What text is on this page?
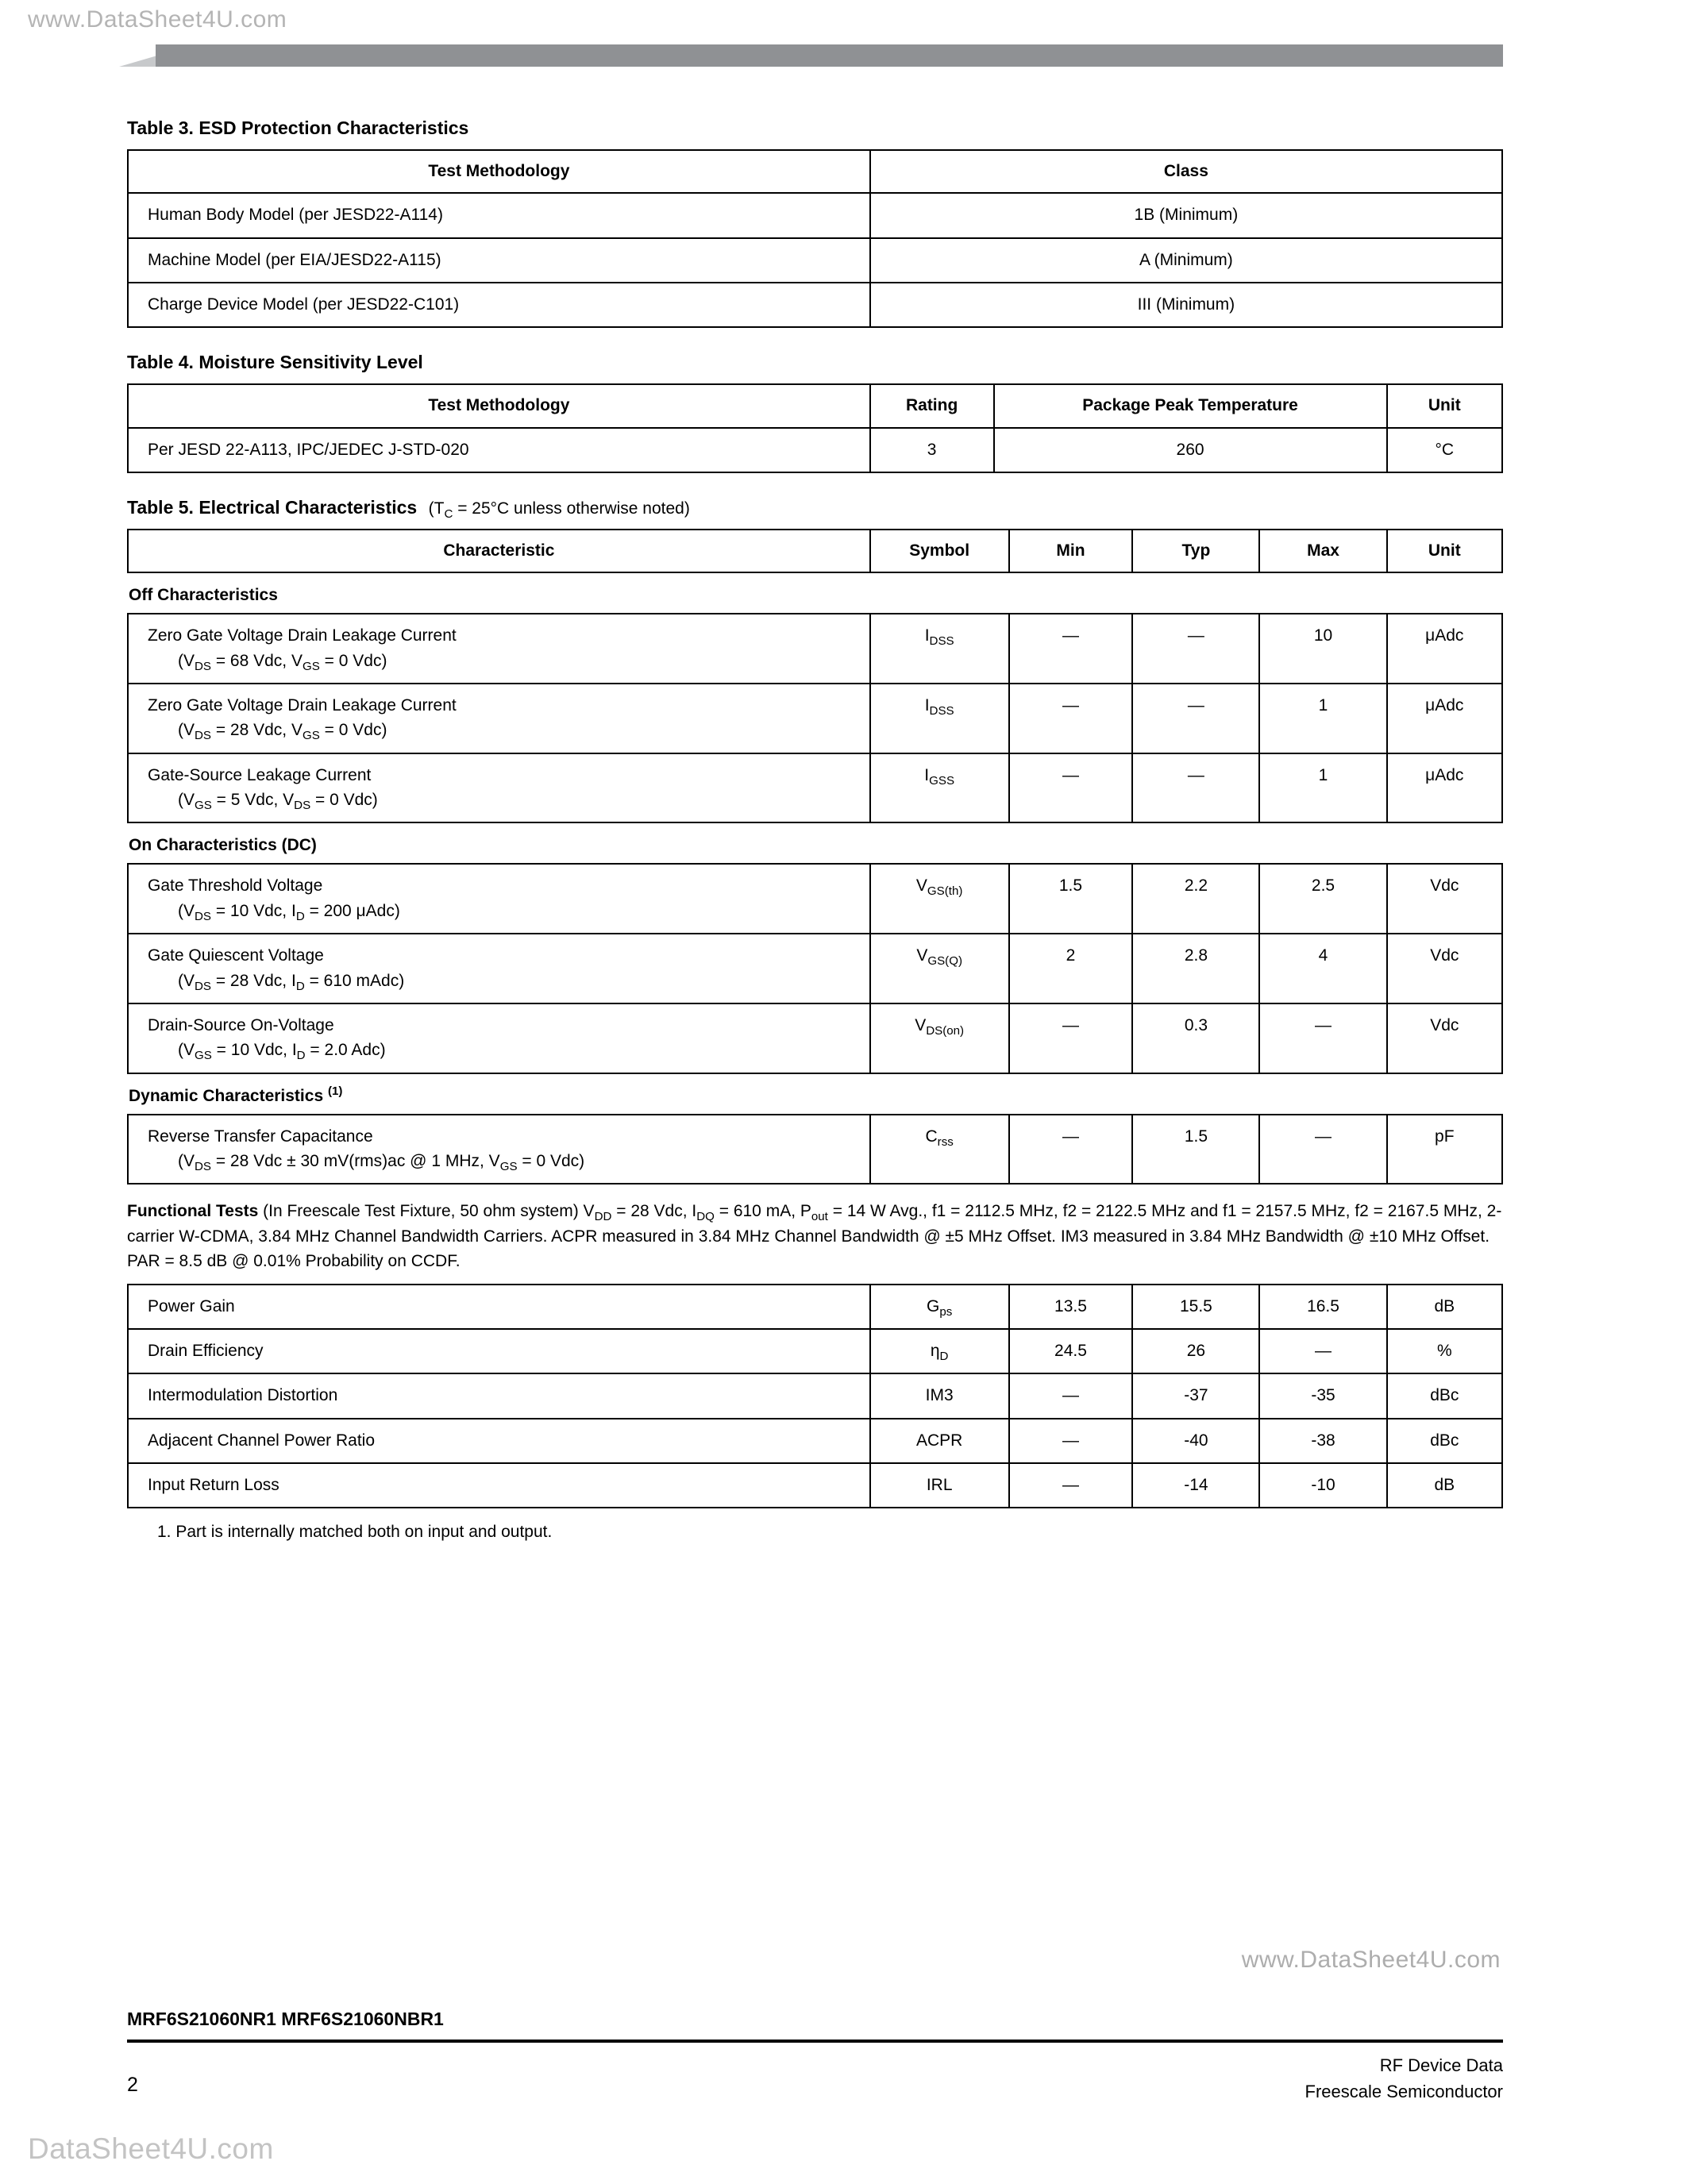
www.DataSheet4U.com
Table 3. ESD Protection Characteristics
Test Methodology	Class
Human Body Model (per JESD22-A114)	1B (Minimum)
Machine Model (per EIA/JESD22-A115)	A (Minimum)
Charge Device Model (per JESD22-C101)	III (Minimum)
Table 4. Moisture Sensitivity Level
Test Methodology	Rating	Package Peak Temperature	Unit
Per JESD 22-A113, IPC/JEDEC J-STD-020	3	260	°C
Table 5. Electrical Characteristics ($T_C = 25^\circ C$ unless otherwise noted)
Characteristic	Symbol	Min	Typ	Max	Unit
Off Characteristics
Zero Gate Voltage Drain Leakage Current
($V_{DS} = 68$ Vdc, $V_{GS} = 0$ Vdc)	$I_{DSS}$	—	—	10	μAdc

Zero Gate Voltage Drain Leakage Current
($V_{DS} = 28$ Vdc, $V_{GS} = 0$ Vdc)	$I_{DSS}$	—	—	1	μAdc

Gate-Source Leakage Current
($V_{GS} = 5$ Vdc, $V_{DS} = 0$ Vdc)	$I_{GSS}$	—	—	1	μAdc
On Characteristics (DC)
Gate Threshold Voltage
($V_{DS} = 10$ Vdc, $I_D = 200$ μAdc)	$V_{GS(th)}$	1.5	2.2	2.5	Vdc

Gate Quiescent Voltage
($V_{DS} = 28$ Vdc, $I_D = 610$ mAdc)	$V_{GS(Q)}$	2	2.8	4	Vdc

Drain-Source On-Voltage
($V_{GS} = 10$ Vdc, $I_D = 2.0$ Adc)	$V_{DS(on)}$	—	0.3	—	Vdc
Dynamic Characteristics $^{(1)}$
Reverse Transfer Capacitance
($V_{DS} = 28$ Vdc ± 30 mV(rms)ac @ 1 MHz, $V_{GS} = 0$ Vdc)
	$C_{rss}$	—	1.5	—	pF

Functional Tests (In Freescale Test Fixture, 50 ohm system) $V_{DD} = 28$ Vdc, $I_{DQ} = 610$ mA, $P_{out} = 14$ W Avg., f1 = 2112.5 MHz, f2 = 2122.5 MHz and f1 = 2157.5 MHz, f2 = 2167.5 MHz, 2-carrier W-CDMA, 3.84 MHz Channel Bandwidth Carriers. ACPR measured in 3.84 MHz Channel Bandwidth @ ±5 MHz Offset. IM3 measured in 3.84 MHz Bandwidth @ ±10 MHz Offset. PAR = 8.5 dB @ 0.01% Probability on CCDF.

Power Gain	$G_{ps}$	13.5	15.5	16.5	dB
Drain Efficiency	$\eta_D$	24.5	26	—	%
Intermodulation Distortion	IM3	—	-37	-35	dBc
Adjacent Channel Power Ratio	ACPR	—	-40	-38	dBc
Input Return Loss	IRL	—	-14	-10	dB
1. Part is internally matched both on input and output.
www.DataSheet4U.com
MRF6S21060NR1 MRF6S21060NBR1
RF Device Data
Freescale Semiconductor
2
DataSheet4U.com
